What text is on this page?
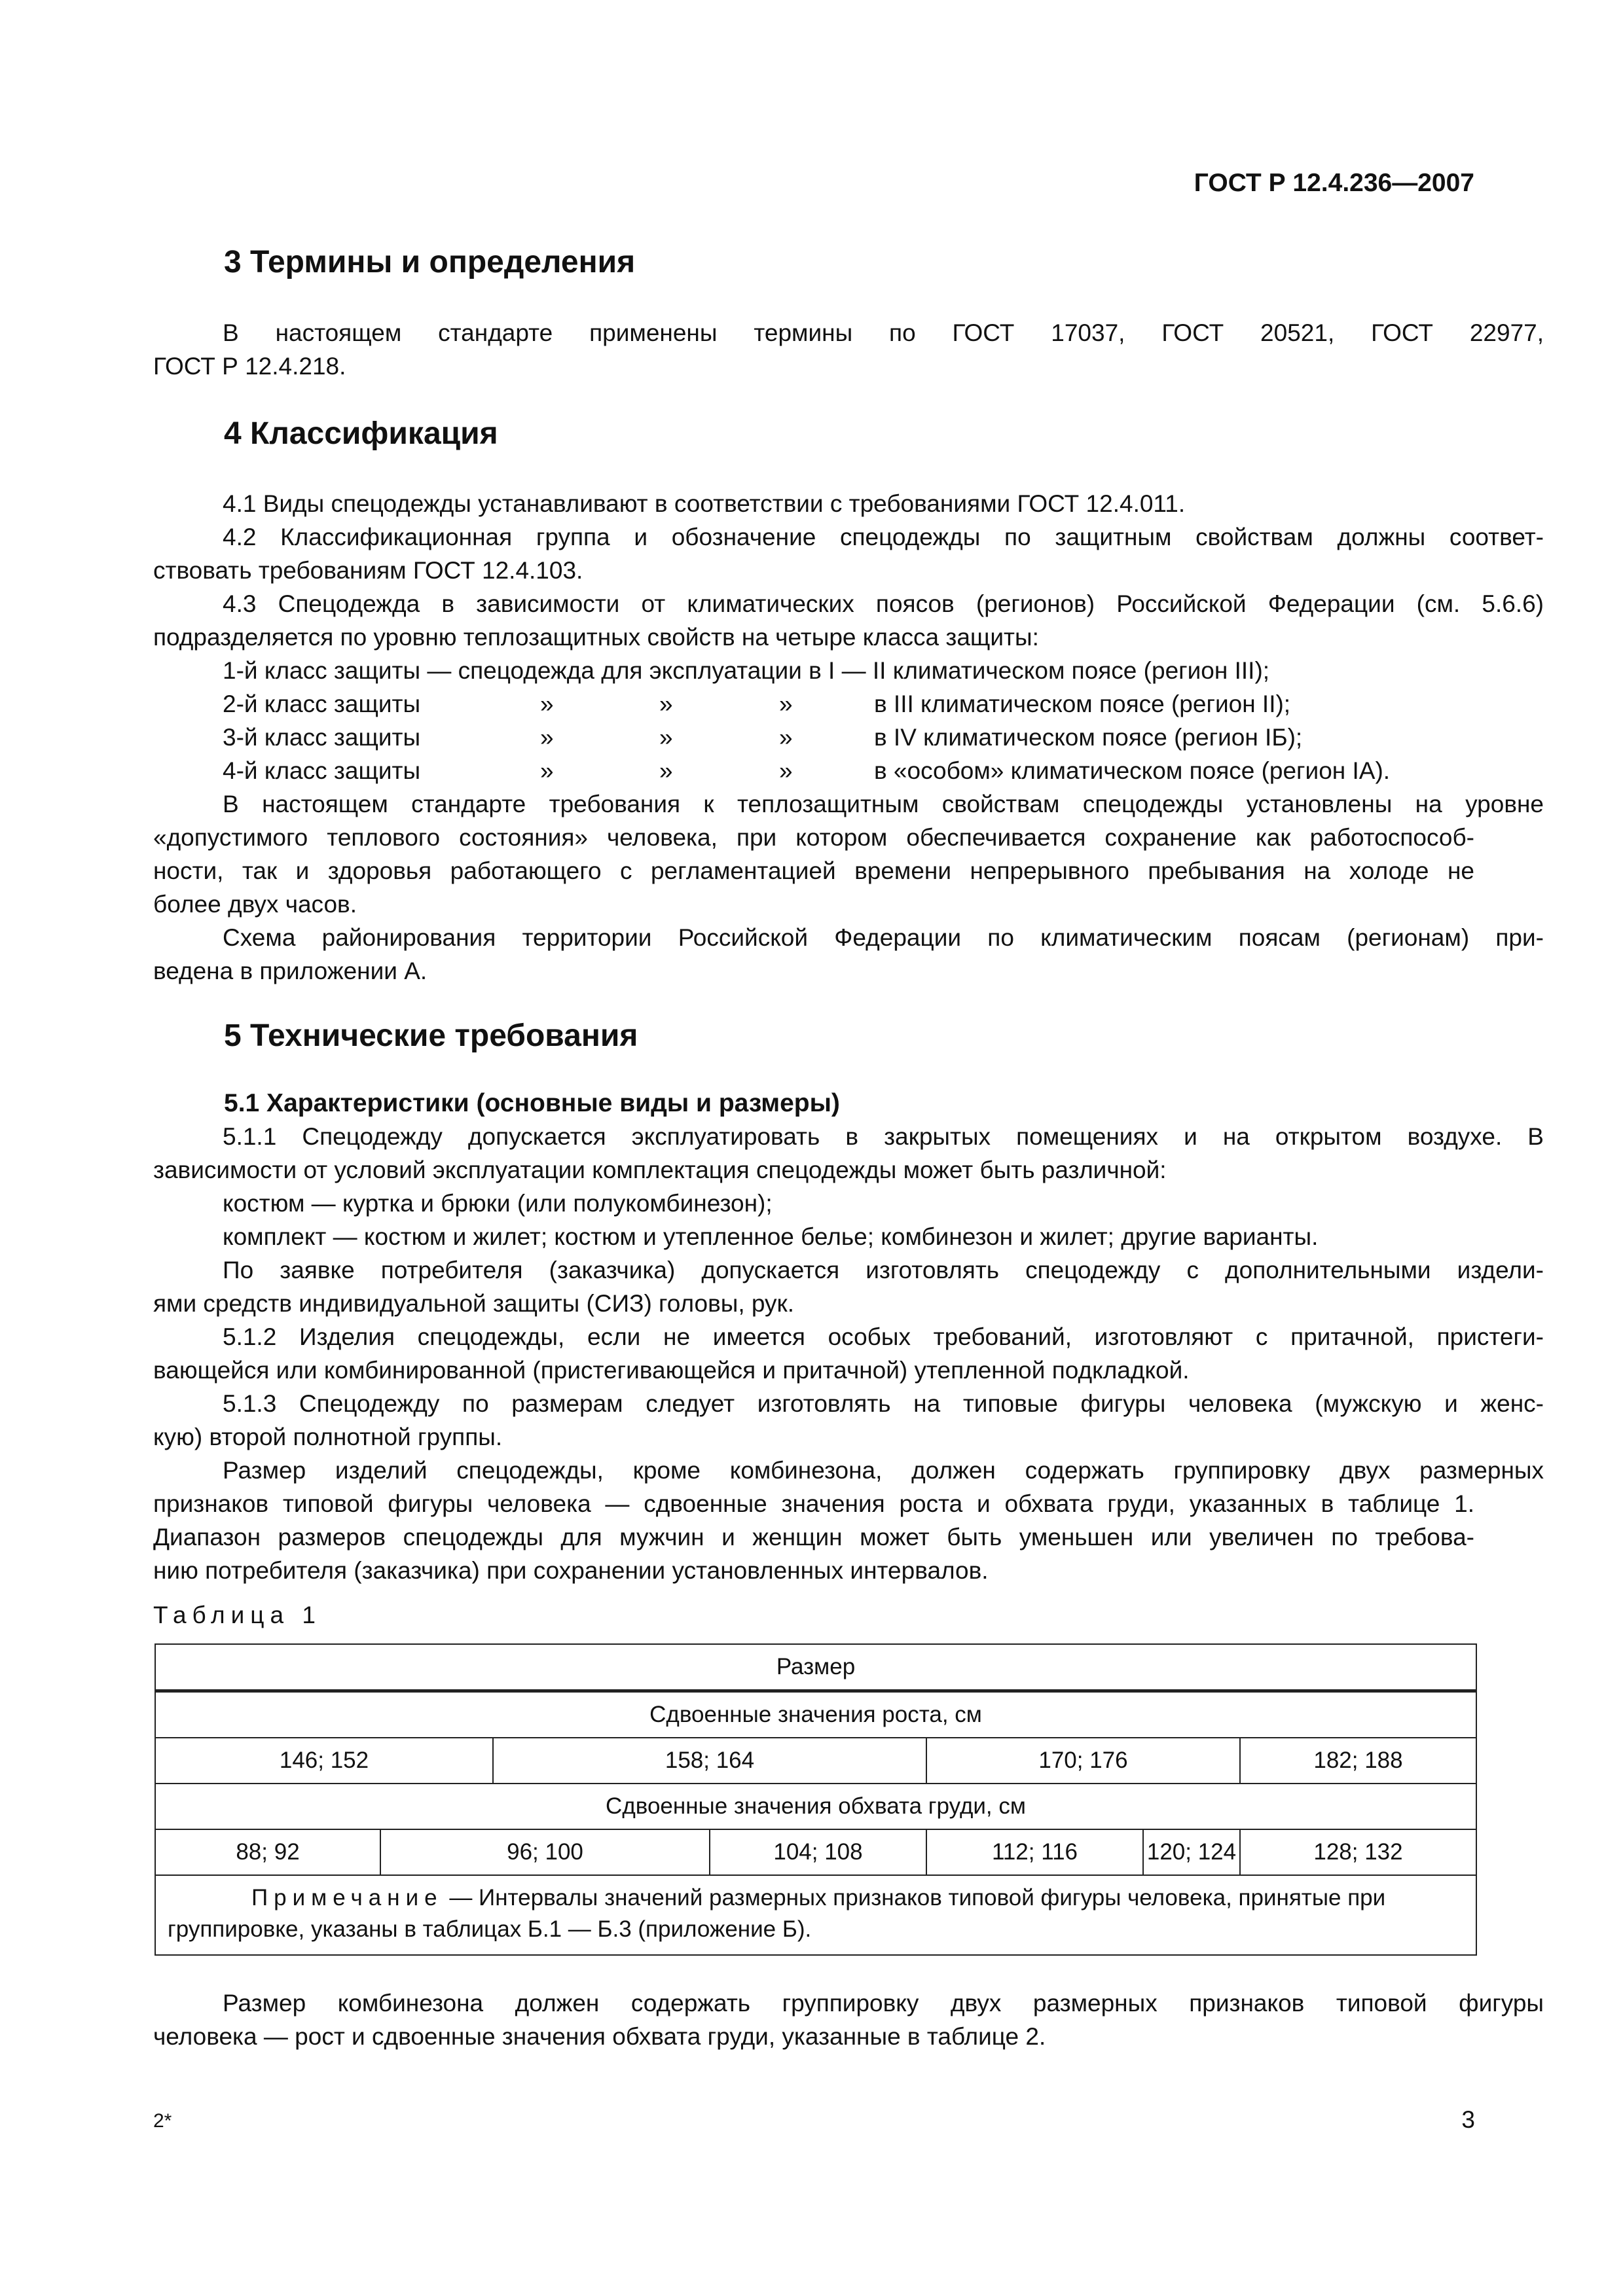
ГОСТ Р 12.4.236—2007

3 Термины и определения

В настоящем стандарте применены термины по ГОСТ 17037, ГОСТ 20521, ГОСТ 22977,

ГОСТ Р 12.4.218.

4 Классификация

4.1 Виды спецодежды устанавливают в соответствии с требованиями ГОСТ 12.4.011.

4.2 Классификационная группа и обозначение спецодежды по защитным свойствам должны соответ-

ствовать требованиям ГОСТ 12.4.103.

4.3 Спецодежда в зависимости от климатических поясов (регионов) Российской Федерации (см. 5.6.6)

подразделяется по уровню теплозащитных свойств на четыре класса защиты:

1-й класс защиты — спецодежда для эксплуатации в I — II климатическом поясе (регион III);

2-й класс защиты	»	»	»	в III климатическом поясе (регион II);
3-й класс защиты	»	»	»	в IV климатическом поясе (регион IБ);
4-й класс защиты	»	»	»	в «особом» климатическом поясе (регион IA).

В настоящем стандарте требования к теплозащитным свойствам спецодежды установлены на уровне

«допустимого теплового состояния» человека, при котором обеспечивается сохранение как работоспособ-

ности, так и здоровья работающего с регламентацией времени непрерывного пребывания на холоде не

более двух часов.

Схема районирования территории Российской Федерации по климатическим поясам (регионам) при-

ведена в приложении А.

5 Технические требования
5.1 Характеристики (основные виды и размеры)

5.1.1 Спецодежду допускается эксплуатировать в закрытых помещениях и на открытом воздухе. В

зависимости от условий эксплуатации комплектация спецодежды может быть различной:

костюм — куртка и брюки (или полукомбинезон);

комплект — костюм и жилет; костюм и утепленное белье; комбинезон и жилет; другие варианты.

По заявке потребителя (заказчика) допускается изготовлять спецодежду с дополнительными издели-

ями средств индивидуальной защиты (СИЗ) головы, рук.

5.1.2 Изделия спецодежды, если не имеется особых требований, изготовляют с притачной, пристеги-

вающейся или комбинированной (пристегивающейся и притачной) утепленной подкладкой.

5.1.3 Спецодежду по размерам следует изготовлять на типовые фигуры человека (мужскую и женс-

кую) второй полнотной группы.

Размер изделий спецодежды, кроме комбинезона, должен содержать группировку двух размерных

признаков типовой фигуры человека — сдвоенные значения роста и обхвата груди, указанных в таблице 1.

Диапазон размеров спецодежды для мужчин и женщин может быть уменьшен или увеличен по требова-

нию потребителя (заказчика) при сохранении установленных интервалов.

Таблица 1

Размер						
Сдвоенные значения роста, см						
146; 152		158; 164		170; 176		182; 188
Сдвоенные значения обхвата груди, см						
88; 92	96; 100		104; 108	112; 116	120; 124	128; 132
Примечание — Интервалы значений размерных признаков типовой фигуры человека, принятые при группировке, указаны в таблицах Б.1 — Б.3 (приложение Б).						

Размер комбинезона должен содержать группировку двух размерных признаков типовой фигуры

человека — рост и сдвоенные значения обхвата груди, указанные в таблице 2.

2*	3
